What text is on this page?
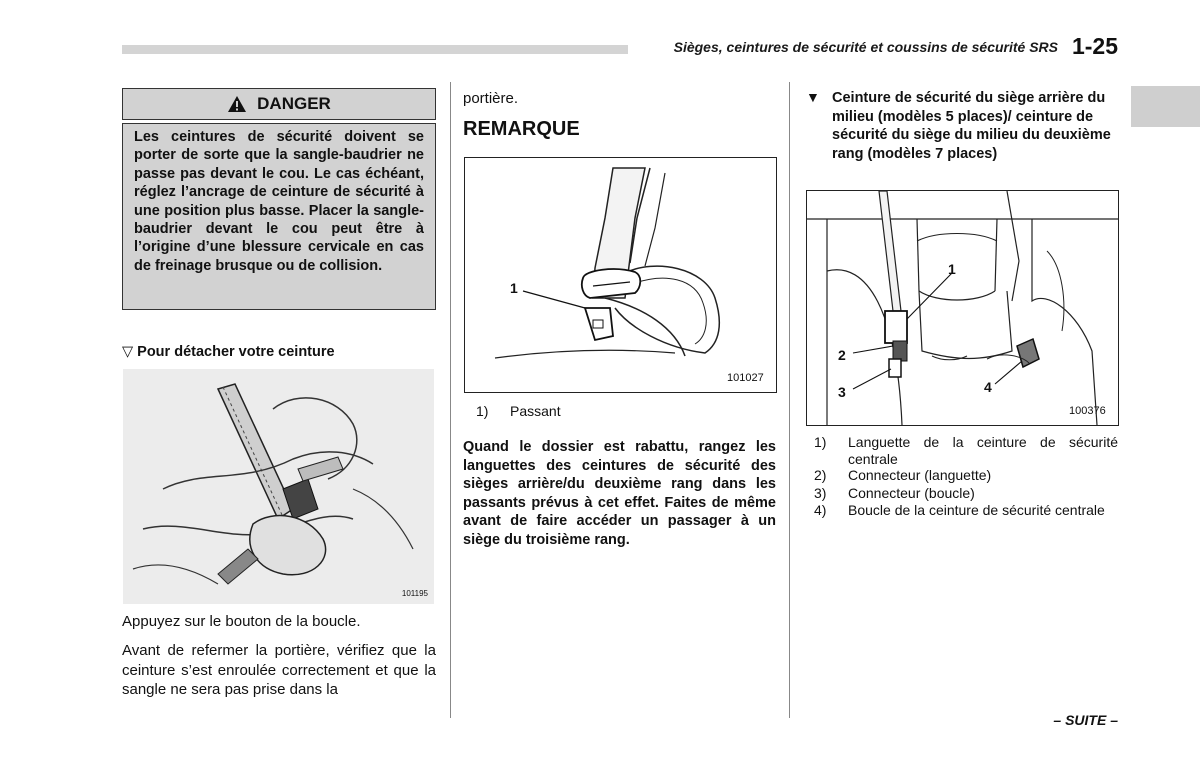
Sièges, ceintures de sécurité et coussins de sécurité SRS 1-25
DANGER
Les ceintures de sécurité doivent se porter de sorte que la sangle-baudrier ne passe pas devant le cou. Le cas échéant, réglez l’ancrage de ceinture de sécurité à une position plus basse. Placer la sangle-baudrier devant le cou peut être à l’origine d’une blessure cervicale en cas de freinage brusque ou de collision.
▽ Pour détacher votre ceinture
101195
Appuyez sur le bouton de la boucle.
Avant de refermer la portière, vérifiez que la ceinture s’est enroulée correctement et que la sangle ne sera pas prise dans la
portière.
REMARQUE
1
101027
1)	Passant
Quand le dossier est rabattu, rangez les languettes des ceintures de sécurité des sièges arrière/du deuxième rang dans les passants prévus à cet effet. Faites de même avant de faire accéder un passager à un siège du troisième rang.
▼ Ceinture de sécurité du siège arrière du milieu (modèles 5 places)/ ceinture de sécurité du siège du milieu du deuxième rang (modèles 7 places)
1
2
3	4
100376
1)	Languette de la ceinture de sécurité centrale
2)	Connecteur (languette)
3)	Connecteur (boucle)
4)	Boucle de la ceinture de sécurité centrale
– SUITE –
